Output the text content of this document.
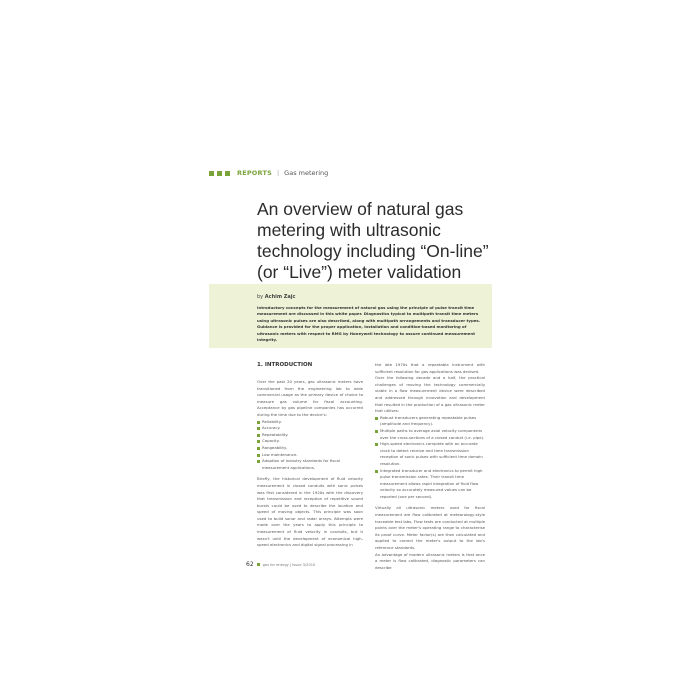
REPORTS | Gas metering
An overview of natural gas metering with ultrasonic technology including “On-line” (or “Live”) meter validation
by Achim Zajc

Introductory concepts for the measurement of natural gas using the principle of pulse transit time measurement are discussed in this white paper. Diagnostics typical to multipath transit time meters using ultrasonic pulses are also described, along with multipath arrangements and transducer types. Guidance is provided for the proper application, installation and condition-based monitoring of ultrasonic meters with respect to RMG by Honeywell technology to assure continued measurement integrity.

1. INTRODUCTION

Over the past 20 years, gas ultrasonic meters have transitioned from the engineering lab to wide commercial usage as the primary device of choice to measure gas volume for fiscal accounting. Acceptance by gas pipeline companies has occurred during the time due to the device's:

Reliability.
Accuracy.
Repeatability.
Capacity.
Rangeability.
Low maintenance.
Adoption of industry standards for fiscal measurement applications.

Briefly, the historical development of fluid velocity measurement in closed conduits with sonic pulses was first considered in the 1920s with the discovery that transmission and reception of repetitive sound bursts could be used to describe the location and speed of moving objects. This principle was soon used to build sonar and radar arrays. Attempts were made over the years to apply this principle to measurement of fluid velocity in conduits, but it wasn't until the development of economical high-speed electronics and digital signal processing in

the late 1970s that a repeatable instrument with sufficient resolution for gas applications was devised.

Over the following decade and a half, the practical challenges of moving the technology commercially viable in a flow measurement device were described and addressed through innovation and development that resulted in the production of a gas ultrasonic meter that utilises:

Robust transducers generating repeatable pulses (amplitude and frequency).
Multiple paths to average axial velocity components over the cross-sections of a closed conduit (i.e. pipe).
High-speed electronics complete with an accurate clock to detect receive and time transmission reception of sonic pulses with sufficient time domain resolution.
Integrated transducer and electronics to permit high pulse transmission rates. Their transit time measurement allows rapid integration of fluid flow velocity so accurately measured values can be reported (one per second).

Virtually all ultrasonic meters used for fiscal measurement are flow calibrated at meteorology-style traceable test labs. Flow tests are conducted at multiple points over the meter's operating range to characterise its proof curve. Meter factor(s) are then calculated and applied to correct the meter's output to the lab's reference standards.

An advantage of modern ultrasonic meters is that once a meter is flow calibrated, diagnostic parameters can describe

62	gas for energy | Issue 3/2010
